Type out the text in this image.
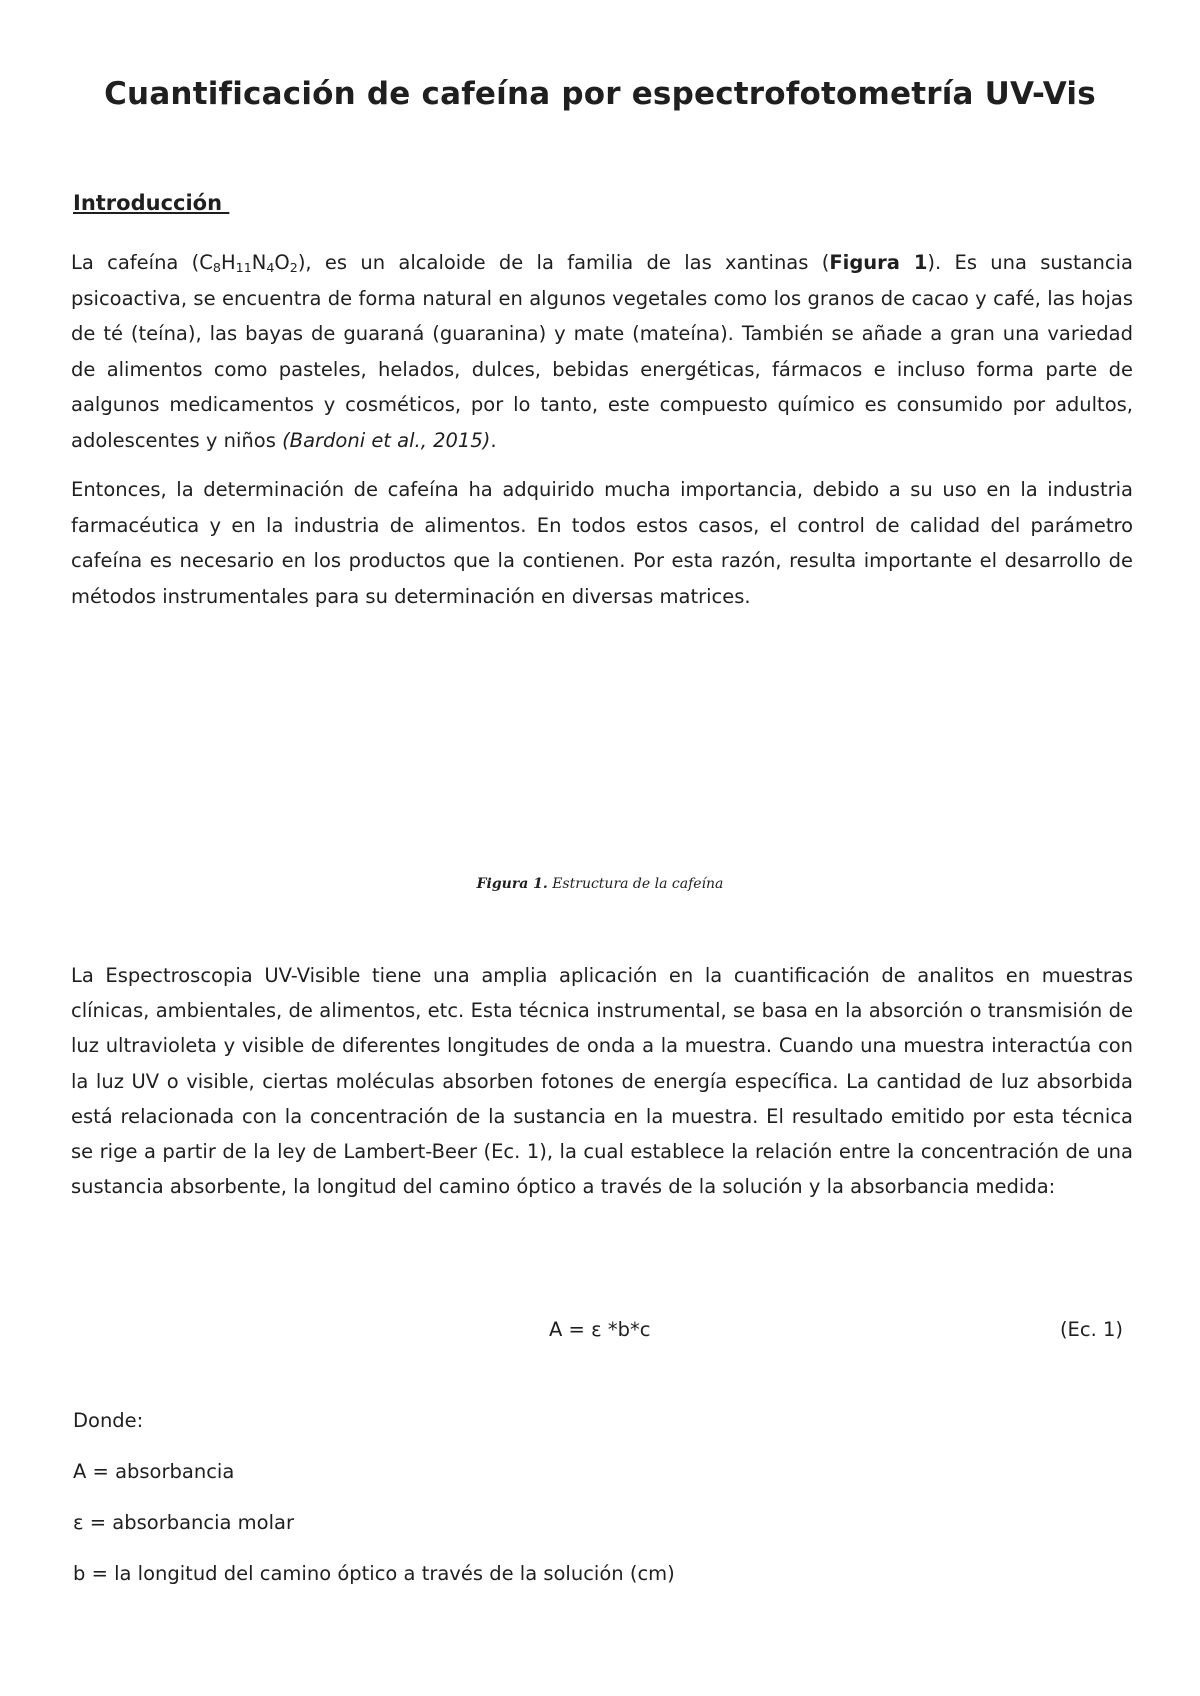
Cuantificación de cafeína por espectrofotometría UV-Vis
Introducción

La cafeína $(C_8H_{11}N_4O_2)$, es un alcaloide de la familia de las xantinas (Figura 1). Es una sustancia psicoactiva, se encuentra de forma natural en algunos vegetales como los granos de cacao y café, las hojas de té (teína), las bayas de guaraná (guaranina) y mate (mateína). También se añade a gran una variedad de alimentos como pasteles, helados, dulces, bebidas energéticas, fármacos e incluso forma parte de aalgunos medicamentos y cosméticos, por lo tanto, este compuesto químico es consumido por adultos, adolescentes y niños (Bardoni et al., 2015).

Entonces, la determinación de cafeína ha adquirido mucha importancia, debido a su uso en la industria farmacéutica y en la industria de alimentos. En todos estos casos, el control de calidad del parámetro cafeína es necesario en los productos que la contienen. Por esta razón, resulta importante el desarrollo de métodos instrumentales para su determinación en diversas matrices.

Figura 1. Estructura de la cafeína

La Espectroscopia UV-Visible tiene una amplia aplicación en la cuantificación de analitos en muestras clínicas, ambientales, de alimentos, etc. Esta técnica instrumental, se basa en la absorción o transmisión de luz ultravioleta y visible de diferentes longitudes de onda a la muestra. Cuando una muestra interactúa con la luz UV o visible, ciertas moléculas absorben fotones de energía específica. La cantidad de luz absorbida está relacionada con la concentración de la sustancia en la muestra. El resultado emitido por esta técnica se rige a partir de la ley de Lambert-Beer (Ec. 1), la cual establece la relación entre la concentración de una sustancia absorbente, la longitud del camino óptico a través de la solución y la absorbancia medida:

A = ε *b*c	(Ec. 1)

Donde:

A = absorbancia

ε = absorbancia molar

b = la longitud del camino óptico a través de la solución (cm)
